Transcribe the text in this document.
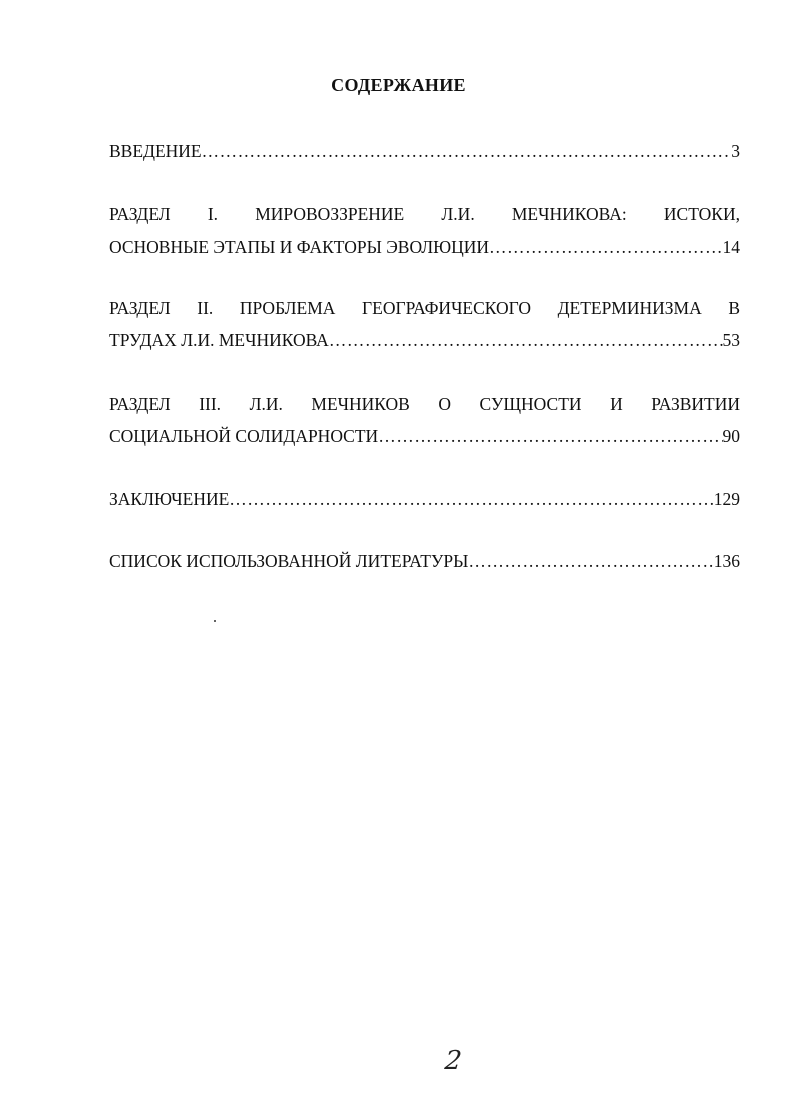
СОДЕРЖАНИЕ
ВВЕДЕНИЕ …………………………………………………………………………………………………………………………………………………………………………………	3
РАЗДЕЛ I. МИРОВОЗЗРЕНИЕ Л.И. МЕЧНИКОВА: ИСТОКИ,
ОСНОВНЫЕ ЭТАПЫ И ФАКТОРЫ ЭВОЛЮЦИИ …………………………………………………………………………………………………………………………………………………………………………………	14
РАЗДЕЛ II. ПРОБЛЕМА ГЕОГРАФИЧЕСКОГО ДЕТЕРМИНИЗМА В
ТРУДАХ Л.И. МЕЧНИКОВА …………………………………………………………………………………………………………………………………………………………………………………	53
РАЗДЕЛ III. Л.И. МЕЧНИКОВ О СУЩНОСТИ И РАЗВИТИИ
СОЦИАЛЬНОЙ СОЛИДАРНОСТИ …………………………………………………………………………………………………………………………………………………………………………………	90
ЗАКЛЮЧЕНИЕ …………………………………………………………………………………………………………………………………………………………………………………	129
СПИСОК ИСПОЛЬЗОВАННОЙ ЛИТЕРАТУРЫ …………………………………………………………………………………………………………………………………………………………………………………	136
2
